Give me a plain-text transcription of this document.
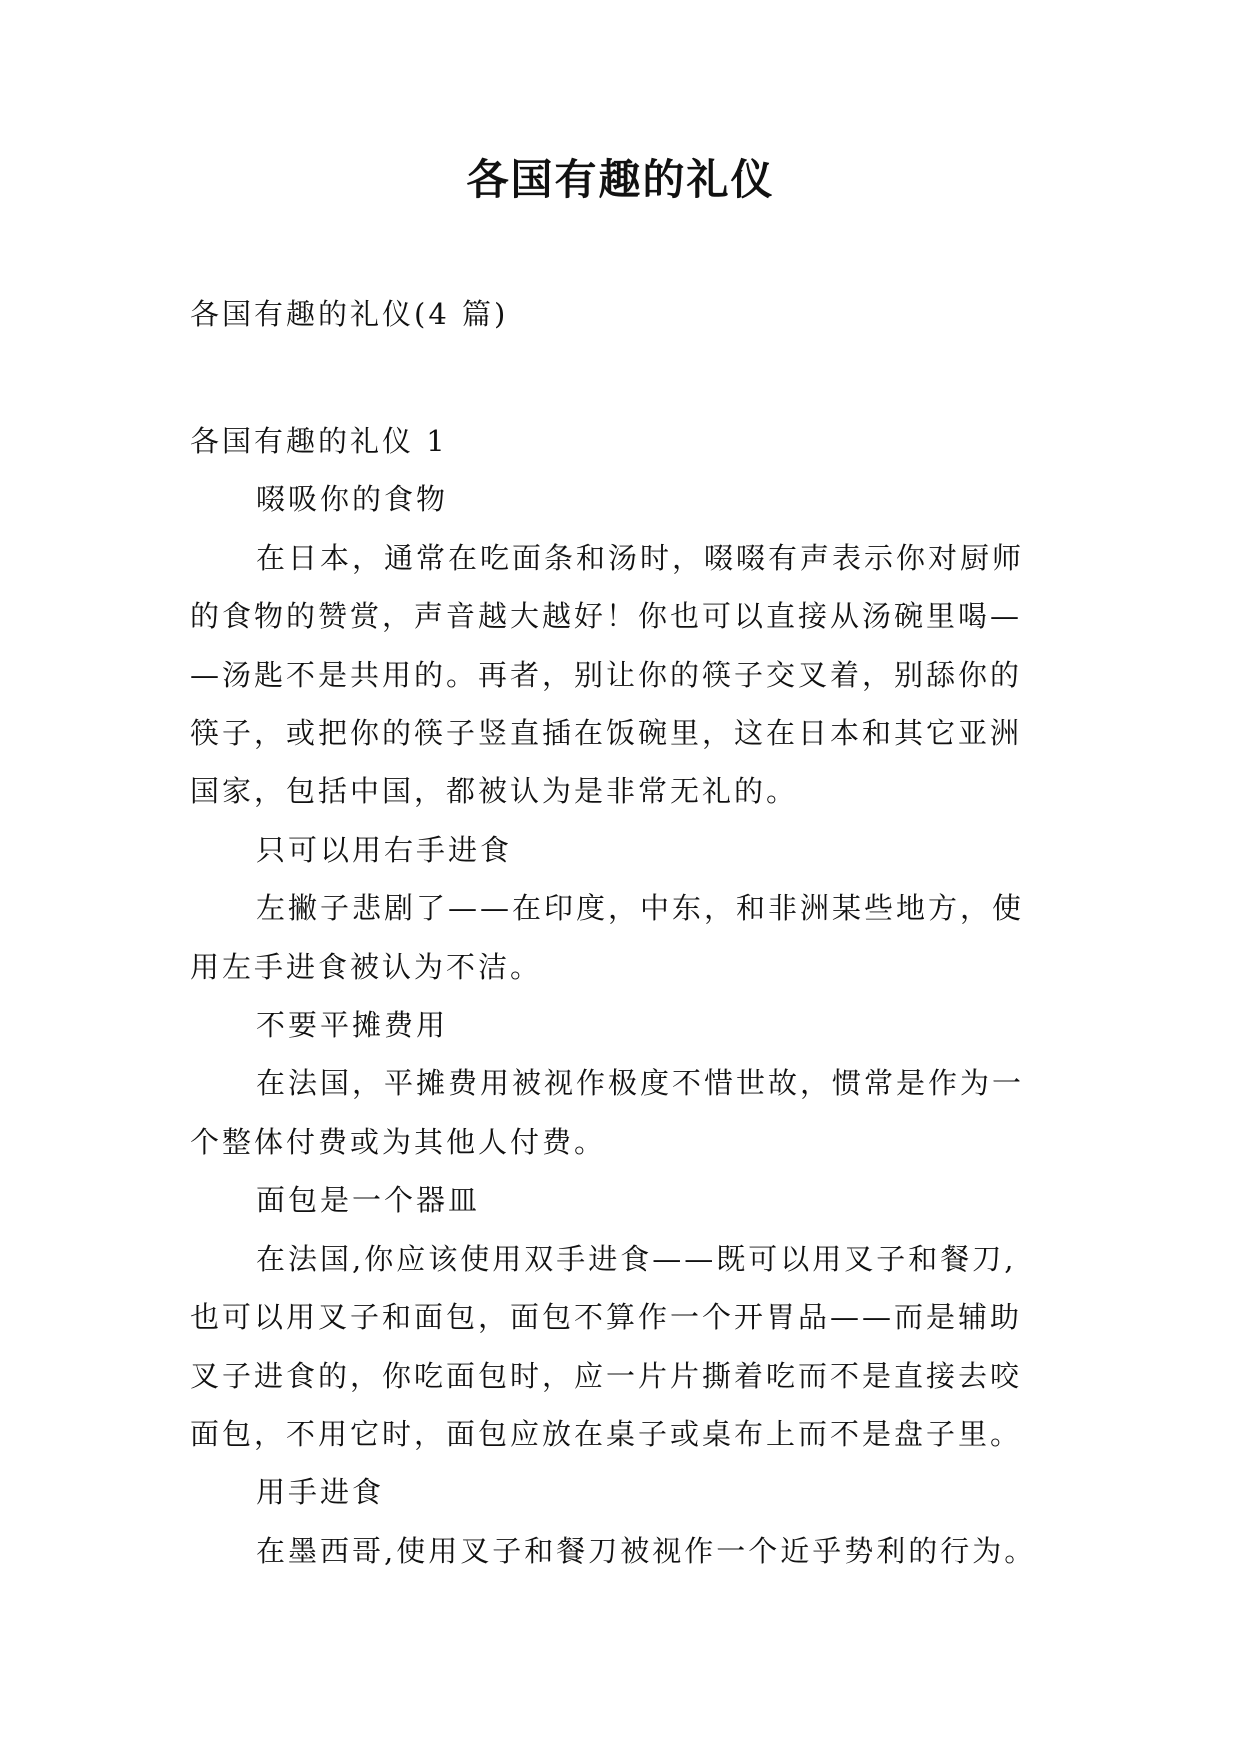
各国有趣的礼仪
各国有趣的礼仪(4 篇)
各国有趣的礼仪 1
啜吸你的食物
在日本，通常在吃面条和汤时，啜啜有声表示你对厨师
的食物的赞赏，声音越大越好！你也可以直接从汤碗里喝—
—汤匙不是共用的。再者，别让你的筷子交叉着，别舔你的
筷子，或把你的筷子竖直插在饭碗里，这在日本和其它亚洲
国家，包括中国，都被认为是非常无礼的。
只可以用右手进食
左撇子悲剧了——在印度，中东，和非洲某些地方，使
用左手进食被认为不洁。
不要平摊费用
在法国，平摊费用被视作极度不惜世故，惯常是作为一
个整体付费或为其他人付费。
面包是一个器皿
在法国,你应该使用双手进食——既可以用叉子和餐刀,
也可以用叉子和面包，面包不算作一个开胃品——而是辅助
叉子进食的，你吃面包时，应一片片撕着吃而不是直接去咬
面包，不用它时，面包应放在桌子或桌布上而不是盘子里。
用手进食
在墨西哥,使用叉子和餐刀被视作一个近乎势利的行为。
